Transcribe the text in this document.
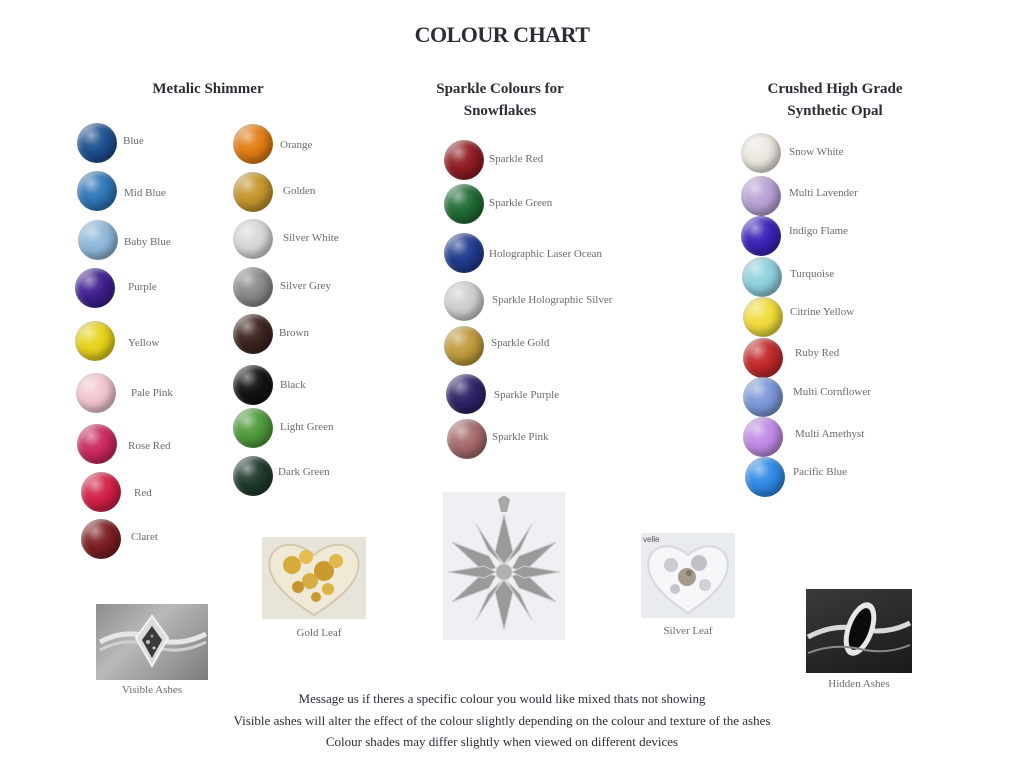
COLOUR CHART
Metalic Shimmer	Sparkle Colours for
Snowflakes
Crushed High Grade
Synthetic Opal
Blue
Mid Blue
Baby Blue
Purple
Yellow
Pale Pink
Rose Red
Red
Claret
Orange
Golden
Silver White
Silver Grey
Brown
Black
Light Green
Dark Green
Sparkle Red
Sparkle Green
Holographic Laser Ocean
Sparkle Holographic Silver
Sparkle Gold
Sparkle Purple
Sparkle Pink
Snow White
Multi Lavender
Indigo Flame
Turquoise
Citrine Yellow
Ruby Red
Multi Cornflower
Multi Amethyst
Pacific Blue
Visible Ashes
Gold Leaf
velle
Silver Leaf
Hidden Ashes
Message us if theres a specific colour you would like mixed thats not showing
Visible ashes will alter the effect of the colour slightly depending on the colour and texture of the ashes
Colour shades may differ slightly when viewed on different devices
